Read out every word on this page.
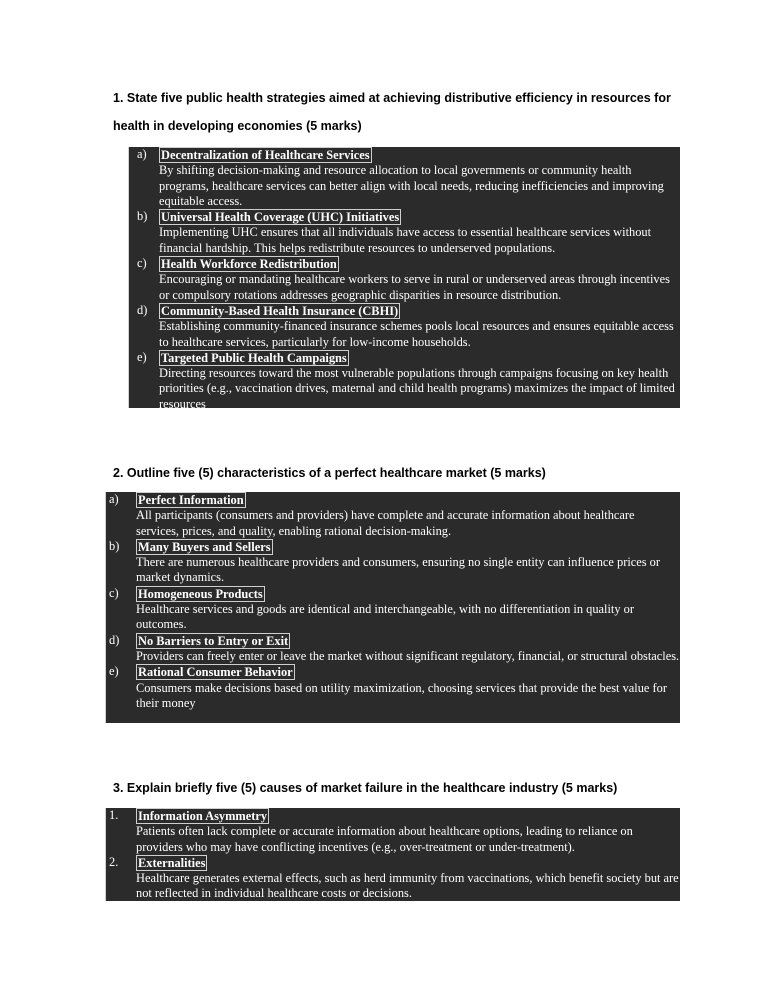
1. State five public health strategies aimed at achieving distributive efficiency in resources for health in developing economies (5 marks)

a) Decentralization of Healthcare Services
By shifting decision-making and resource allocation to local governments or community health programs, healthcare services can better align with local needs, reducing inefficiencies and improving equitable access.
b) Universal Health Coverage (UHC) Initiatives
Implementing UHC ensures that all individuals have access to essential healthcare services without financial hardship. This helps redistribute resources to underserved populations.
c) Health Workforce Redistribution
Encouraging or mandating healthcare workers to serve in rural or underserved areas through incentives or compulsory rotations addresses geographic disparities in resource distribution.
d) Community-Based Health Insurance (CBHI)
Establishing community-financed insurance schemes pools local resources and ensures equitable access to healthcare services, particularly for low-income households.
e) Targeted Public Health Campaigns
Directing resources toward the most vulnerable populations through campaigns focusing on key health priorities (e.g., vaccination drives, maternal and child health programs) maximizes the impact of limited resources

2. Outline five (5) characteristics of a perfect healthcare market (5 marks)

a) Perfect Information
All participants (consumers and providers) have complete and accurate information about healthcare services, prices, and quality, enabling rational decision-making.
b) Many Buyers and Sellers
There are numerous healthcare providers and consumers, ensuring no single entity can influence prices or market dynamics.
c) Homogeneous Products
Healthcare services and goods are identical and interchangeable, with no differentiation in quality or outcomes.
d) No Barriers to Entry or Exit
Providers can freely enter or leave the market without significant regulatory, financial, or structural obstacles.
e) Rational Consumer Behavior
Consumers make decisions based on utility maximization, choosing services that provide the best value for their money

3. Explain briefly five (5) causes of market failure in the healthcare industry (5 marks)

1. Information Asymmetry
Patients often lack complete or accurate information about healthcare options, leading to reliance on providers who may have conflicting incentives (e.g., over-treatment or under-treatment).
2. Externalities
Healthcare generates external effects, such as herd immunity from vaccinations, which benefit society but are not reflected in individual healthcare costs or decisions.
